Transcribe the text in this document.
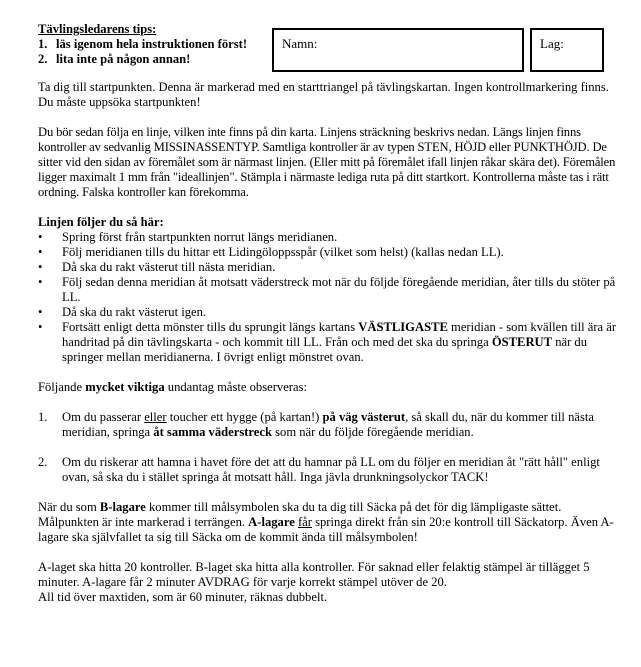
Tävlingsledarens tips:
1. läs igenom hela instruktionen först!
2. lita inte på någon annan!
Namn:	Lag:

Ta dig till startpunkten. Denna är markerad med en starttriangel på tävlingskartan. Ingen kontrollmarkering finns. Du måste uppsöka startpunkten!

Du bör sedan följa en linje, vilken inte finns på din karta. Linjens sträckning beskrivs nedan. Längs linjen finns kontroller av sedvanlig MISSINASSENTYP. Samtliga kontroller är av typen STEN, HÖJD eller PUNKTHÖJD. De sitter vid den sidan av föremålet som är närmast linjen. (Eller mitt på föremålet ifall linjen råkar skära det). Föremålen ligger maximalt 1 mm från "ideallinjen". Stämpla i närmaste lediga ruta på ditt startkort. Kontrollerna måste tas i rätt ordning. Falska kontroller kan förekomma.

Linjen följer du så här:
• Spring först från startpunkten norrut längs meridianen.
• Följ meridianen tills du hittar ett Lidingöloppsspår (vilket som helst) (kallas nedan LL).
• Då ska du rakt västerut till nästa meridian.
• Följ sedan denna meridian åt motsatt väderstreck mot när du följde föregående meridian, åter tills du stöter på LL.
• Då ska du rakt västerut igen.
• Fortsätt enligt detta mönster tills du sprungit längs kartans VÄSTLIGASTE meridian - som kvällen till ära är handritad på din tävlingskarta - och kommit till LL. Från och med det ska du springa ÖSTERUT när du springer mellan meridianerna. I övrigt enligt mönstret ovan.

Följande mycket viktiga undantag måste observeras:

1. Om du passerar eller toucher ett hygge (på kartan!) på väg västerut, så skall du, när du kommer till nästa meridian, springa åt samma väderstreck som när du följde föregående meridian.
2. Om du riskerar att hamna i havet före det att du hamnar på LL om du följer en meridian åt "rätt håll" enligt ovan, så ska du i stället springa åt motsatt håll. Inga jävla drunkningsolyckor TACK!

När du som B-lagare kommer till målsymbolen ska du ta dig till Säcka på det för dig lämpligaste sättet. Målpunkten är inte markerad i terrängen. A-lagare får springa direkt från sin 20:e kontroll till Säckatorp. Även A-lagare ska självfallet ta sig till Säcka om de kommit ända till målsymbolen!

A-laget ska hitta 20 kontroller. B-laget ska hitta alla kontroller. För saknad eller felaktig stämpel är tillägget 5 minuter. A-lagare får 2 minuter AVDRAG för varje korrekt stämpel utöver de 20.

All tid över maxtiden, som är 60 minuter, räknas dubbelt.
